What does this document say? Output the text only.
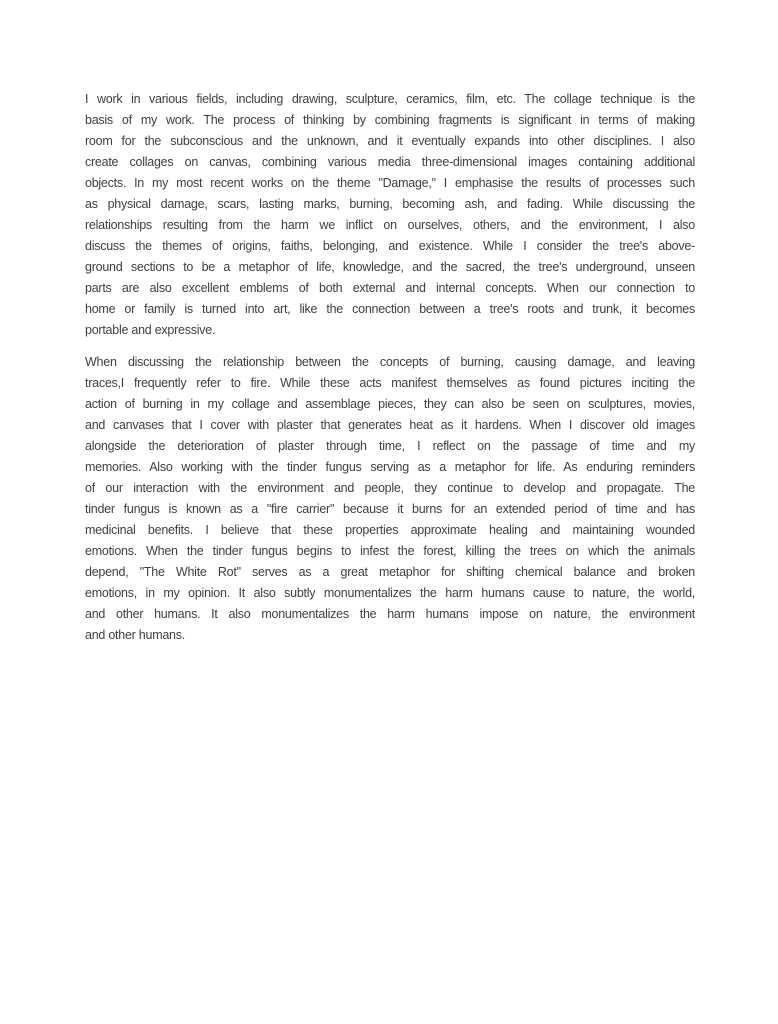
I work in various fields, including drawing, sculpture, ceramics, film, etc. The collage technique is the
basis of my work. The process of thinking by combining fragments is significant in terms of making
room for the subconscious and the unknown, and it eventually expands into other disciplines. I also
create collages on canvas, combining various media three-dimensional images containing additional
objects. In my most recent works on the theme "Damage," I emphasise the results of processes such
as physical damage, scars, lasting marks, burning, becoming ash, and fading. While discussing the
relationships resulting from the harm we inflict on ourselves, others, and the environment, I also
discuss the themes of origins, faiths, belonging, and existence. While I consider the tree's above-
ground sections to be a metaphor of life, knowledge, and the sacred, the tree's underground, unseen
parts are also excellent emblems of both external and internal concepts. When our connection to
home or family is turned into art, like the connection between a tree's roots and trunk, it becomes
portable and expressive.
When discussing the relationship between the concepts of burning, causing damage, and leaving
traces,I frequently refer to fire. While these acts manifest themselves as found pictures inciting the
action of burning in my collage and assemblage pieces, they can also be seen on sculptures, movies,
and canvases that I cover with plaster that generates heat as it hardens. When I discover old images
alongside the deterioration of plaster through time, I reflect on the passage of time and my
memories. Also working with the tinder fungus serving as a metaphor for life. As enduring reminders
of our interaction with the environment and people, they continue to develop and propagate. The
tinder fungus is known as a "fire carrier" because it burns for an extended period of time and has
medicinal benefits. I believe that these properties approximate healing and maintaining wounded
emotions. When the tinder fungus begins to infest the forest, killing the trees on which the animals
depend, "The White Rot" serves as a great metaphor for shifting chemical balance and broken
emotions, in my opinion. It also subtly monumentalizes the harm humans cause to nature, the world,
and other humans. It also monumentalizes the harm humans impose on nature, the environment
and other humans.
